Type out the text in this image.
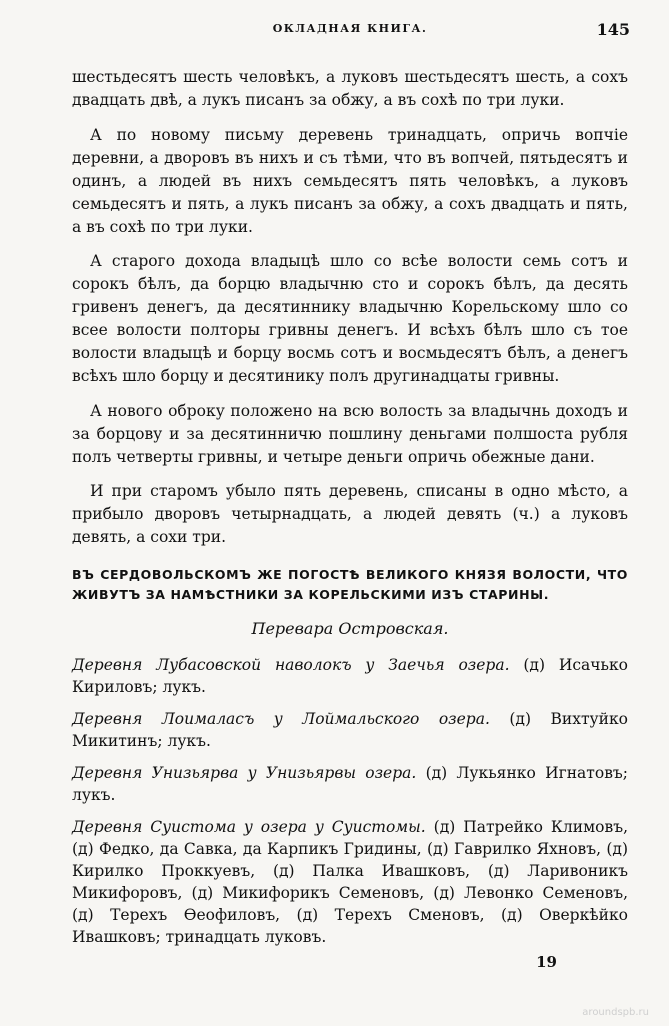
ОКЛАДНАЯ КНИГА.	145

шестьдесятъ шесть человѣкъ, а луковъ шестьдесятъ шесть, а сохъ двадцать двѣ, а лукъ писанъ за обжу, а въ сохѣ по три луки.

А по новому письму деревень тринадцать, опричь вопчіе деревни, а дворовъ въ нихъ и съ тѣми, что въ вопчей, пятьдесятъ и одинъ, а людей въ нихъ семьдесятъ пять человѣкъ, а луковъ семьдесятъ и пять, а лукъ писанъ за обжу, а сохъ двадцать и пять, а въ сохѣ по три луки.

А старого дохода владыцѣ шло со всѣе волости семь сотъ и сорокъ бѣлъ, да борцю владычню сто и сорокъ бѣлъ, да десять гривенъ денегъ, да десятиннику владычню Корельскому шло со всее волости полторы гривны денегъ. И всѣхъ бѣлъ шло съ тое волости владыцѣ и борцу восмь сотъ и восмьдесятъ бѣлъ, а денегъ всѣхъ шло борцу и десятинику полъ другинадцаты гривны.

А нового оброку положено на всю волость за владычнь доходъ и за борцову и за десятинничю пошлину деньгами полшоста рубля полъ четверты гривны, и четыре деньги опричь обежные дани.

И при старомъ убыло пять деревень, списаны в одно мѣсто, а прибыло дворовъ четырнадцать, а людей девять (ч.) а луковъ девять, а сохи три.

ВЪ СЕРДОВОЛЬСКОМЪ ЖЕ ПОГОСТѢ ВЕЛИКОГО КНЯЗЯ ВОЛОСТИ, ЧТО ЖИВУТЪ ЗА НАМѢСТНИКИ ЗА КОРЕЛЬСКИМИ ИЗЪ СТАРИНЫ.
Перевара Островская.
Деревня Лубасовской наволокъ у Заечья озера. (д) Исачько Кириловъ; лукъ.
Деревня Лоималасъ у Лоймальского озера. (д) Вихтуйко Микитинъ; лукъ.
Деревня Унизьярва у Унизьярвы озера. (д) Лукьянко Игнатовъ; лукъ.
Деревня Суистома у озера у Суистомы. (д) Патрейко Климовъ, (д) Федко, да Савка, да Карпикъ Гридины, (д) Гаврилко Яхновъ, (д) Кирилко Проккуевъ, (д) Палка Ивашковъ, (д) Ларивоникъ Микифоровъ, (д) Микифорикъ Семеновъ, (д) Левонко Семеновъ, (д) Терехъ Ѳеофиловъ, (д) Терехъ Сменовъ, (д) Оверкѣйко Ивашковъ; тринадцать луковъ.
19
aroundspb.ru
